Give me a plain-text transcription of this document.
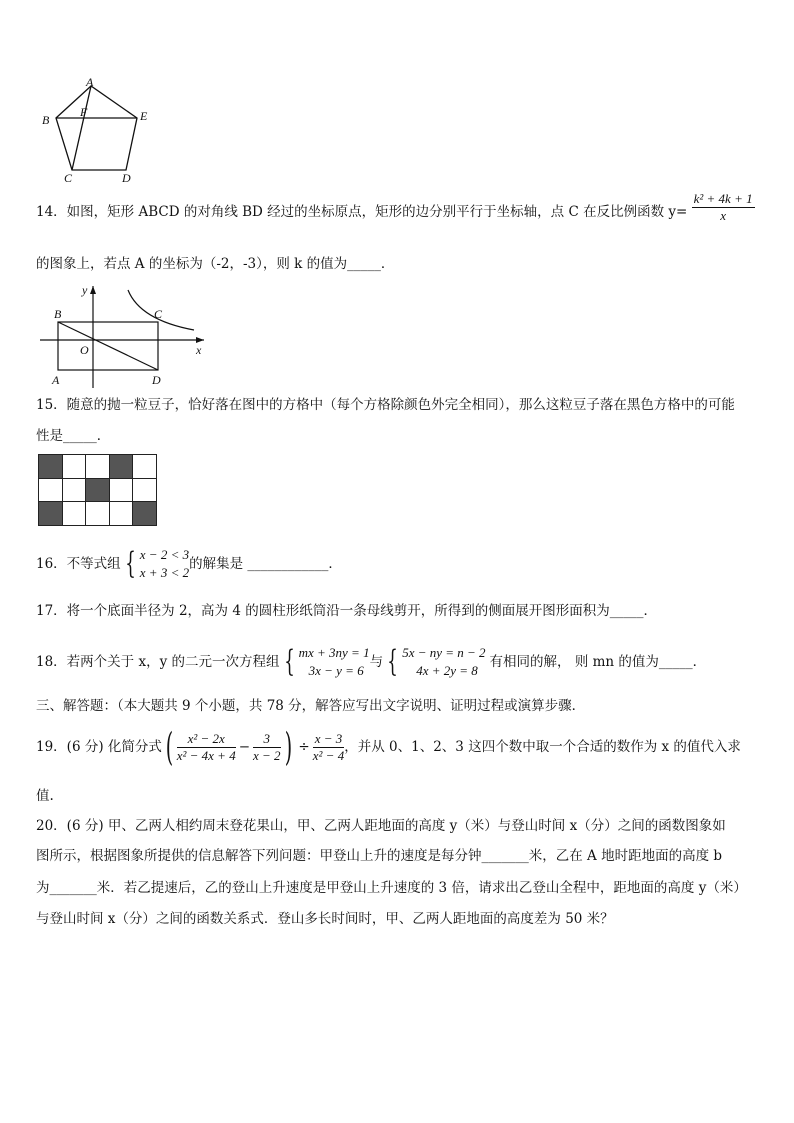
A
F
B	E
C	D
14．如图，矩形 ABCD 的对角线 BD 经过的坐标原点，矩形的边分别平行于坐标轴，点 C 在反比例函数 $y= \frac{\text{k² + 4k + 1}}{x}$
的图象上，若点 A 的坐标为（-2，-3），则 k 的值为_____．
y
B	C
O	x
A	D
15．随意的抛一粒豆子，恰好落在图中的方格中（每个方格除颜色外完全相同），那么这粒豆子落在黑色方格中的可能
性是_____．
16．不等式组 { x − 2 < 3
x + 3 < 2
的解集是 ____________．
17．将一个底面半径为 2，高为 4 的圆柱形纸筒沿一条母线剪开，所得到的侧面展开图形面积为_____．
18．若两个关于 x，y 的二元一次方程组 { mx + 3ny = 1
3x − y = 6
与 { 5x − ny = n − 2
4x + 2y = 8
有相同的解， 则 mn 的值为_____．
三、解答题：（本大题共 9 个小题，共 78 分，解答应写出文字说明、证明过程或演算步骤．
19．(6 分) 化简分式 ( $\frac{\text{x² − 2x}}{\text{x² − 4x + 4}} - \frac{3}{x - 2}$ ) ÷ $\frac{x - 3}{\text{x² − 4}}$ ，并从 0、1、2、3 这四个数中取一个合适的数作为 x 的值代入求
值.
20．(6 分) 甲、乙两人相约周末登花果山，甲、乙两人距地面的高度 y（米）与登山时间 x（分）之间的函数图象如
图所示，根据图象所提供的信息解答下列问题：甲登山上升的速度是每分钟_______米，乙在 A 地时距地面的高度 b
为_______米．若乙提速后，乙的登山上升速度是甲登山上升速度的 3 倍，请求出乙登山全程中，距地面的高度 y（米）
与登山时间 x（分）之间的函数关系式．登山多长时间时，甲、乙两人距地面的高度差为 50 米？
